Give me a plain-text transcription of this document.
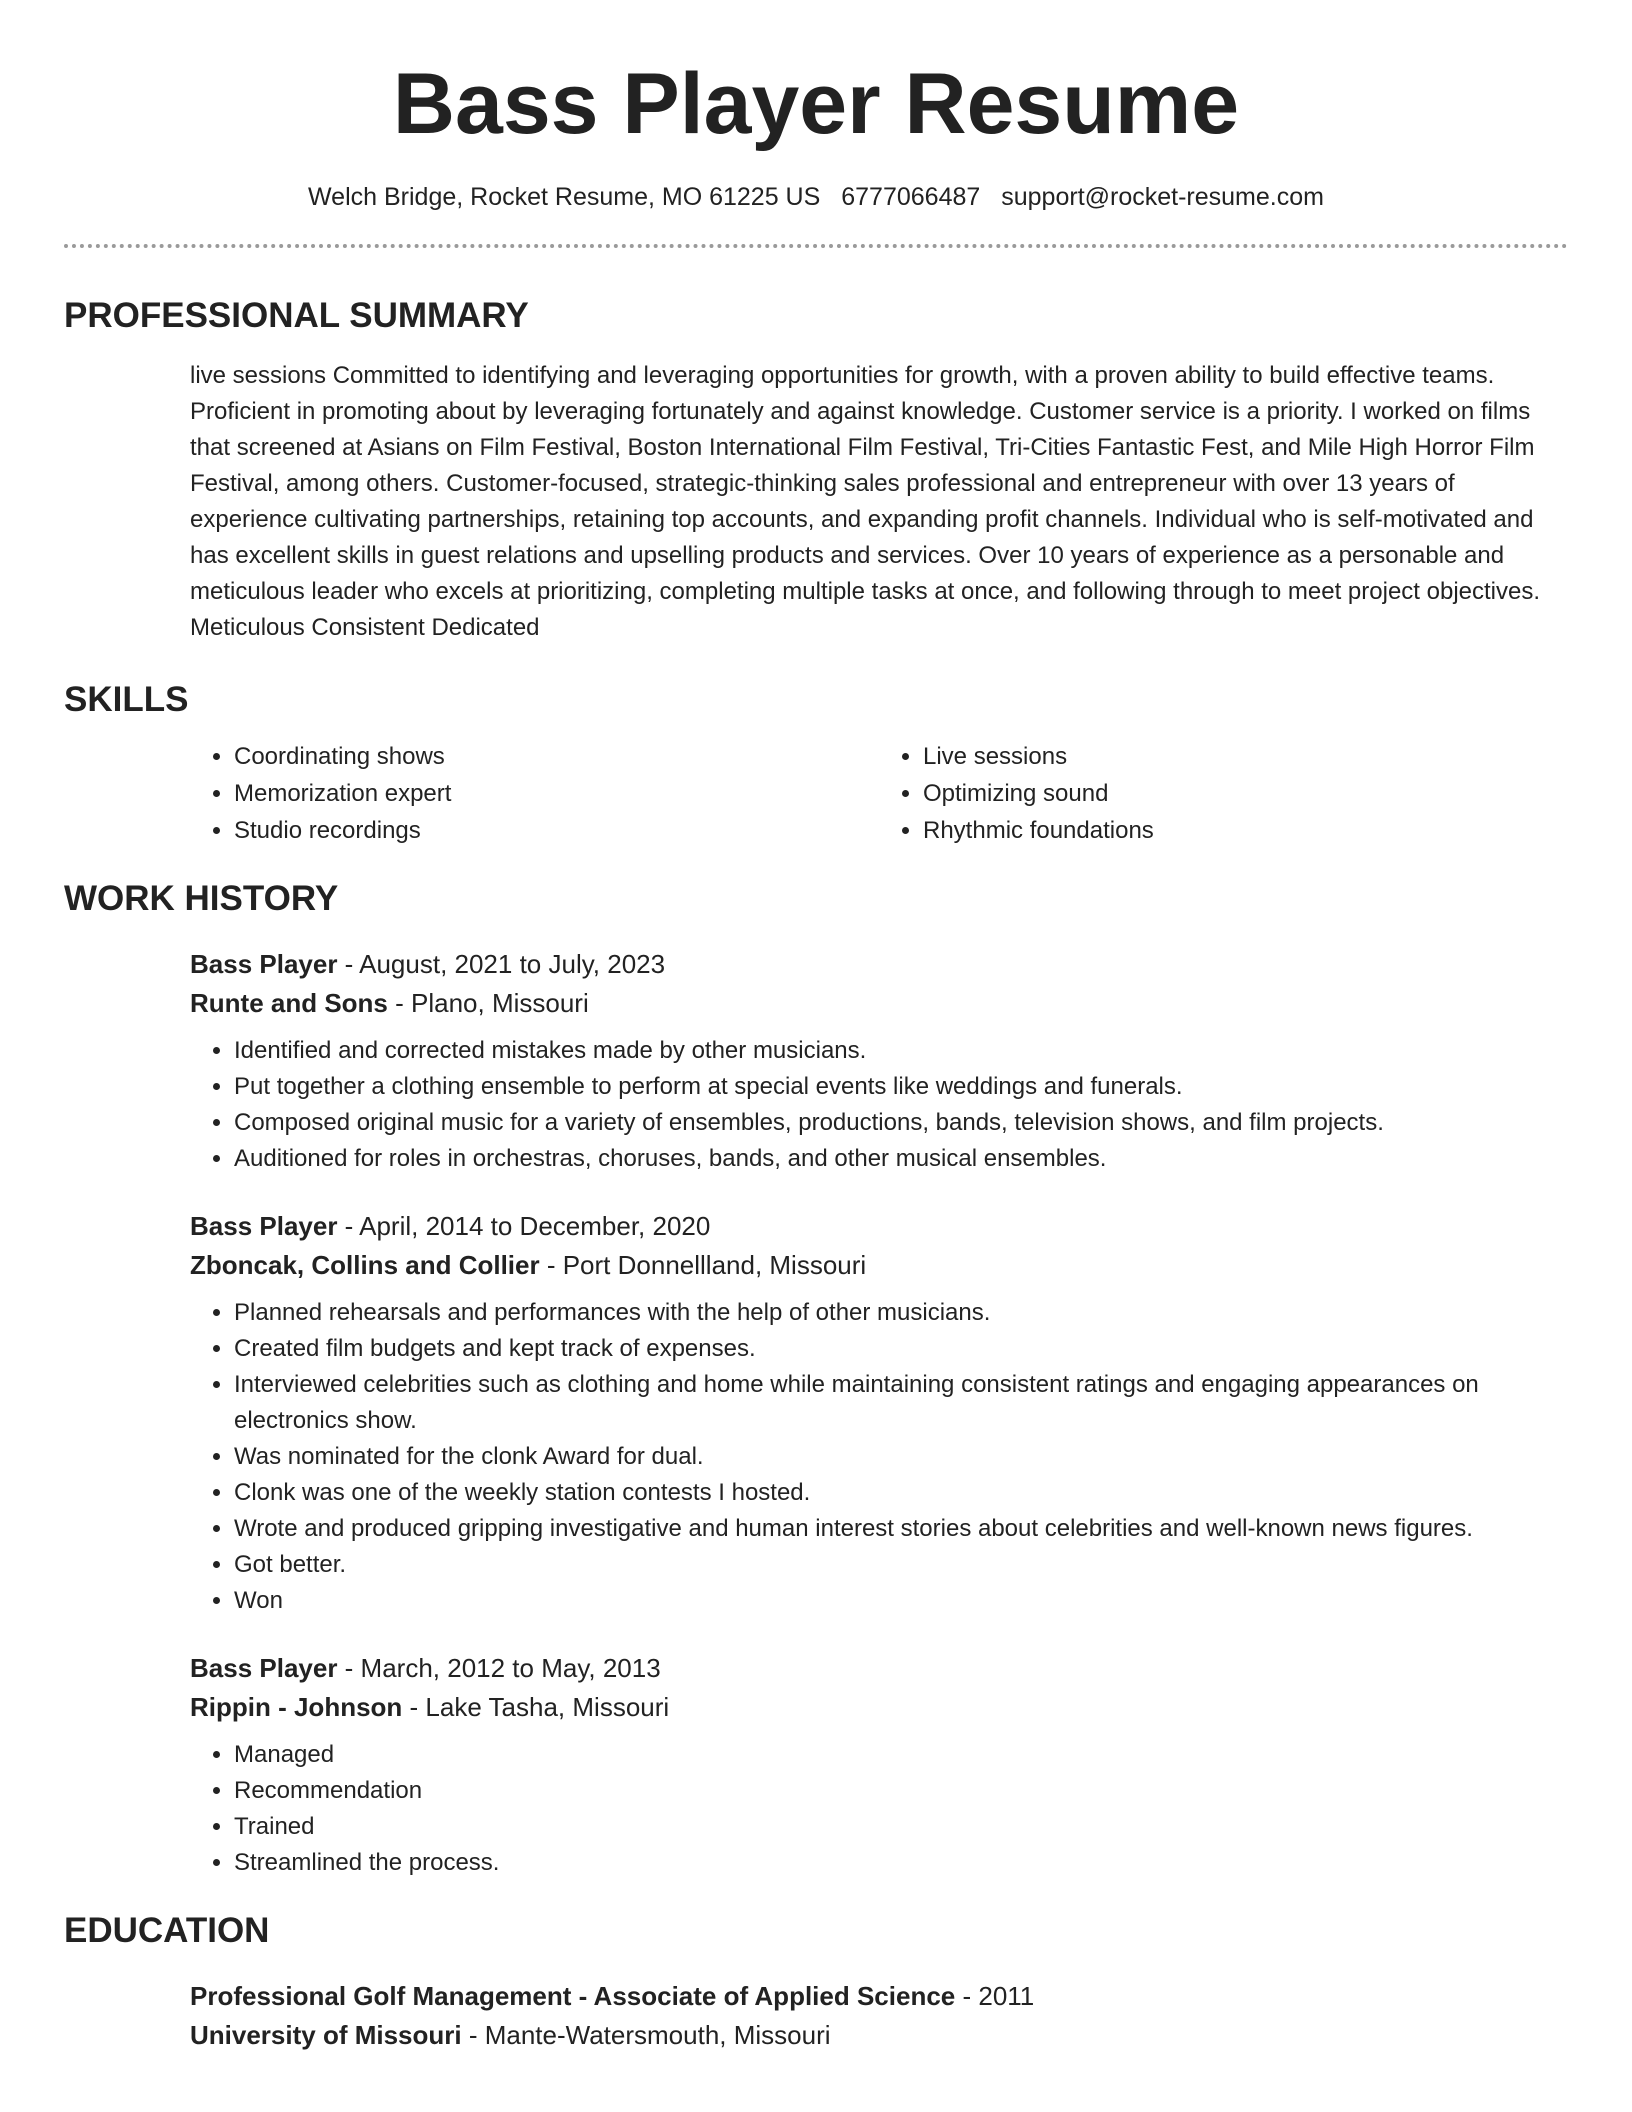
Bass Player Resume
Welch Bridge, Rocket Resume, MO 61225 US 6777066487 support@rocket-resume.com
PROFESSIONAL SUMMARY
live sessions Committed to identifying and leveraging opportunities for growth, with a proven ability to build effective teams. Proficient in promoting about by leveraging fortunately and against knowledge. Customer service is a priority. I worked on films that screened at Asians on Film Festival, Boston International Film Festival, Tri-Cities Fantastic Fest, and Mile High Horror Film Festival, among others. Customer-focused, strategic-thinking sales professional and entrepreneur with over 13 years of experience cultivating partnerships, retaining top accounts, and expanding profit channels. Individual who is self-motivated and has excellent skills in guest relations and upselling products and services. Over 10 years of experience as a personable and meticulous leader who excels at prioritizing, completing multiple tasks at once, and following through to meet project objectives. Meticulous Consistent Dedicated
SKILLS
• Coordinating shows
• Memorization expert
• Studio recordings
• Live sessions
• Optimizing sound
• Rhythmic foundations
WORK HISTORY
Bass Player - August, 2021 to July, 2023
Runte and Sons - Plano, Missouri
• Identified and corrected mistakes made by other musicians.
• Put together a clothing ensemble to perform at special events like weddings and funerals.
• Composed original music for a variety of ensembles, productions, bands, television shows, and film projects.
• Auditioned for roles in orchestras, choruses, bands, and other musical ensembles.
Bass Player - April, 2014 to December, 2020
Zboncak, Collins and Collier - Port Donnellland, Missouri
• Planned rehearsals and performances with the help of other musicians.
• Created film budgets and kept track of expenses.
• Interviewed celebrities such as clothing and home while maintaining consistent ratings and engaging appearances on electronics show.
• Was nominated for the clonk Award for dual.
• Clonk was one of the weekly station contests I hosted.
• Wrote and produced gripping investigative and human interest stories about celebrities and well-known news figures.
• Got better.
• Won
Bass Player - March, 2012 to May, 2013
Rippin - Johnson - Lake Tasha, Missouri
• Managed
• Recommendation
• Trained
• Streamlined the process.
EDUCATION
Professional Golf Management - Associate of Applied Science - 2011
University of Missouri - Mante-Watersmouth, Missouri
